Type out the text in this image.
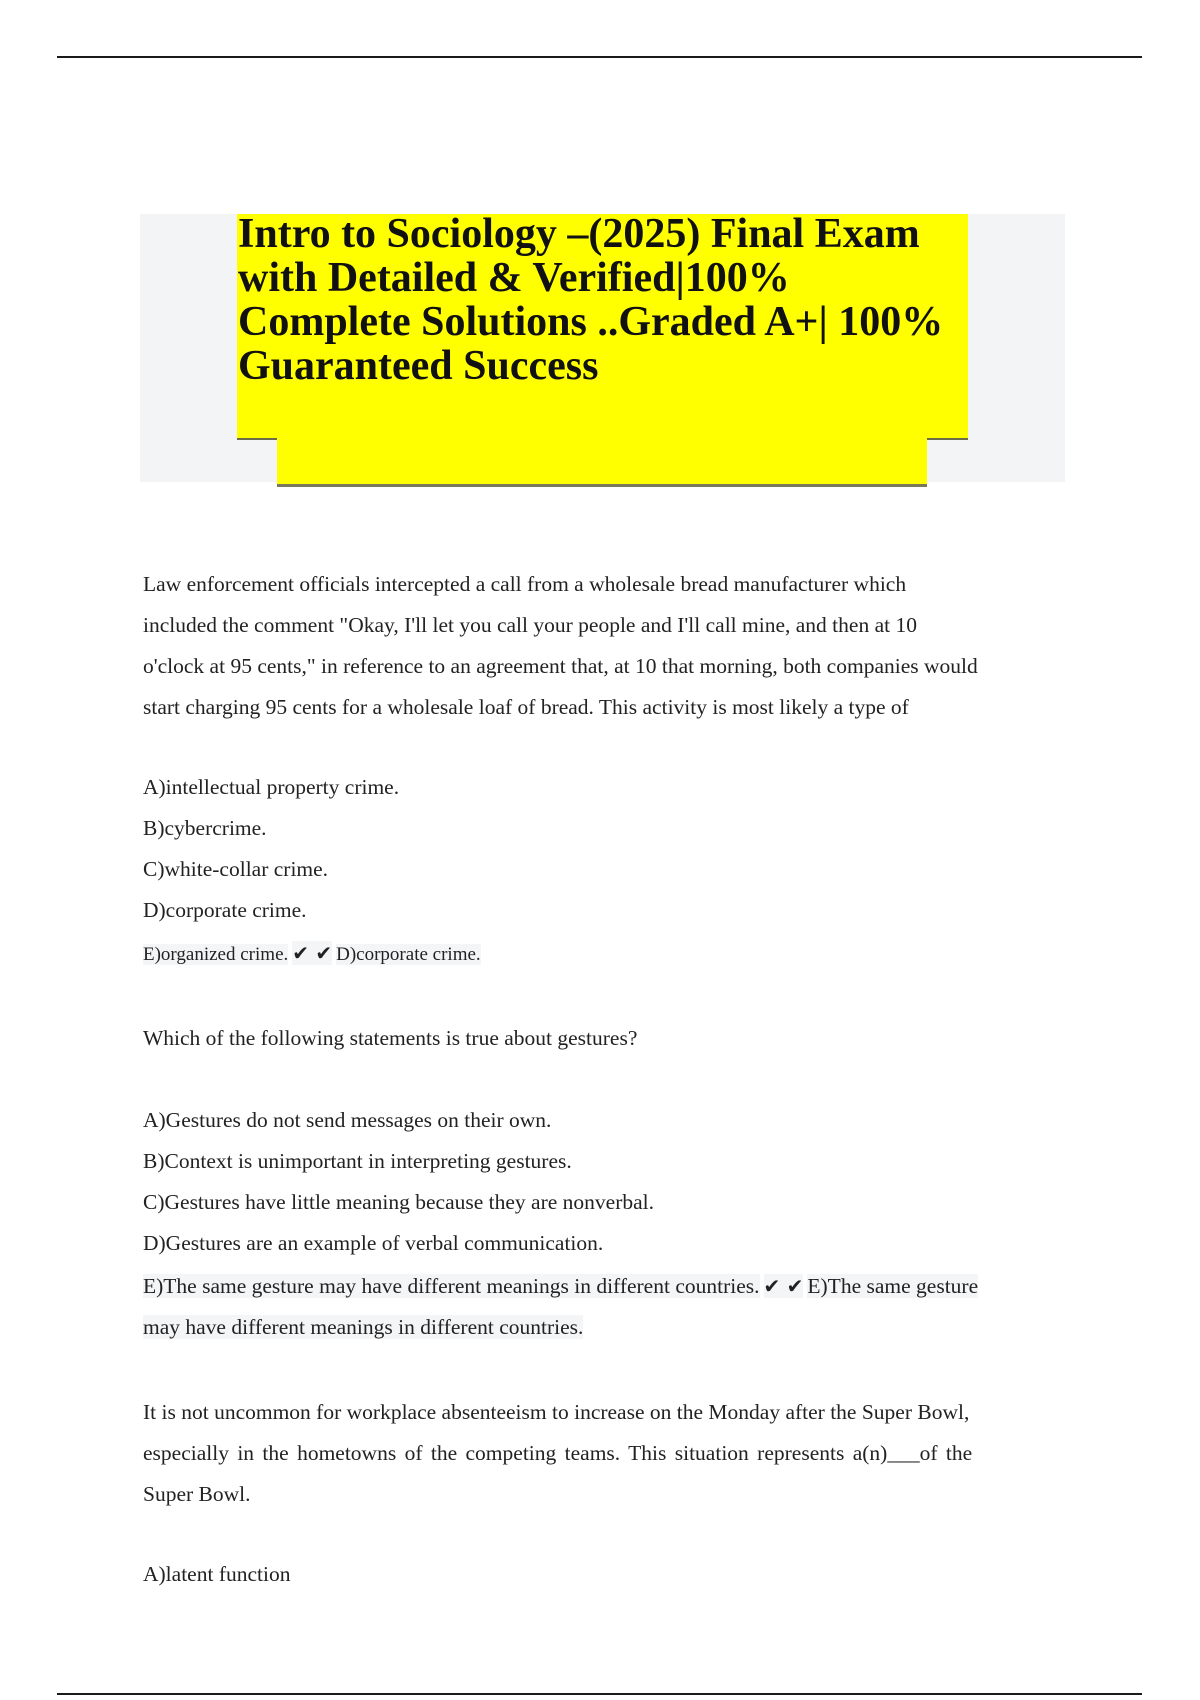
Intro to Sociology –(2025) Final Exam with Detailed & Verified|100% Complete Solutions ..Graded A+| 100% Guaranteed Success

Law enforcement officials intercepted a call from a wholesale bread manufacturer which

included the comment "Okay, I'll let you call your people and I'll call mine, and then at 10

o'clock at 95 cents," in reference to an agreement that, at 10 that morning, both companies would

start charging 95 cents for a wholesale loaf of bread. This activity is most likely a type of

A)intellectual property crime.

B)cybercrime.

C)white-collar crime.

D)corporate crime.

E)organized crime. ✔ ✔ D)corporate crime.

Which of the following statements is true about gestures?

A)Gestures do not send messages on their own.

B)Context is unimportant in interpreting gestures.

C)Gestures have little meaning because they are nonverbal.

D)Gestures are an example of verbal communication.

E)The same gesture may have different meanings in different countries. ✔ ✔ E)The same gesture

may have different meanings in different countries.

It is not uncommon for workplace absenteeism to increase on the Monday after the Super Bowl,

especially in the hometowns of the competing teams. This situation represents a(n)___of the

Super Bowl.

A)latent function
